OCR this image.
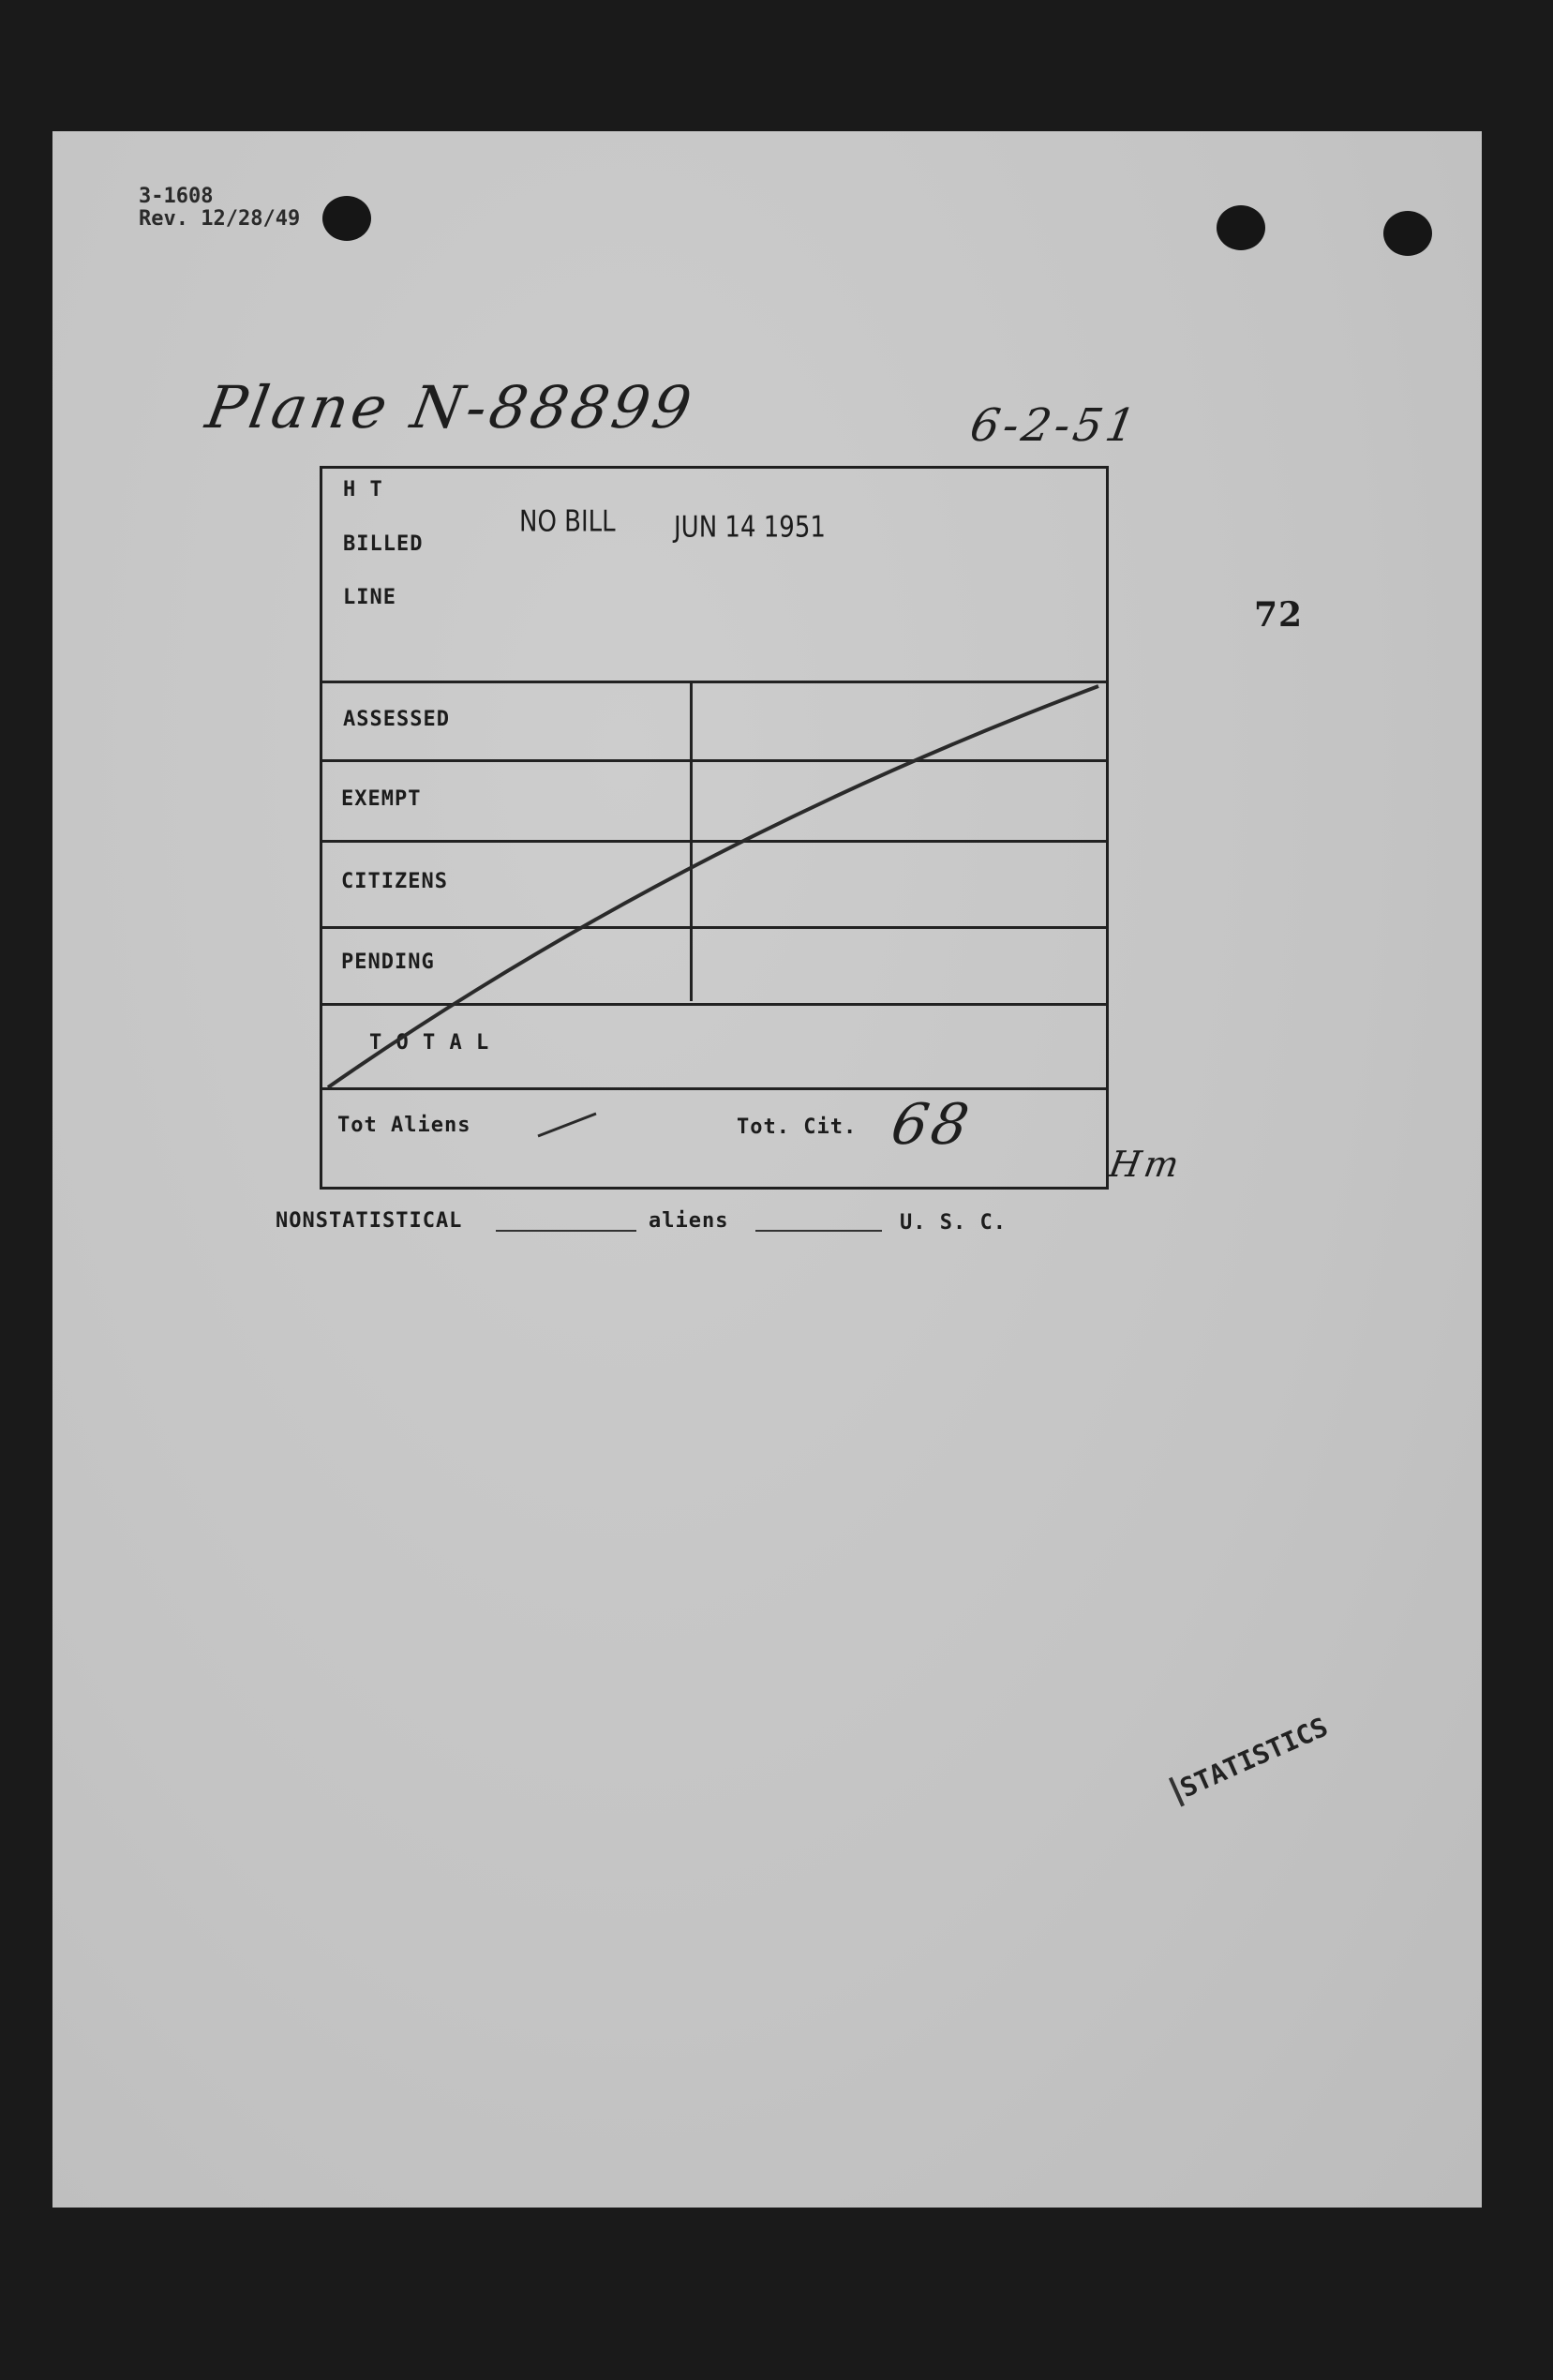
3-1608
Rev. 12/28/49
Plane N-88899	6-2-51
72
H T
BILLED
LINE
NO BILL JUN 14 1951
ASSESSED
EXEMPT
CITIZENS
PENDING
T O T A L
Tot Aliens	Tot. Cit. 68
Hm
NONSTATISTICAL	aliens	U. S. C.
STATISTICS
